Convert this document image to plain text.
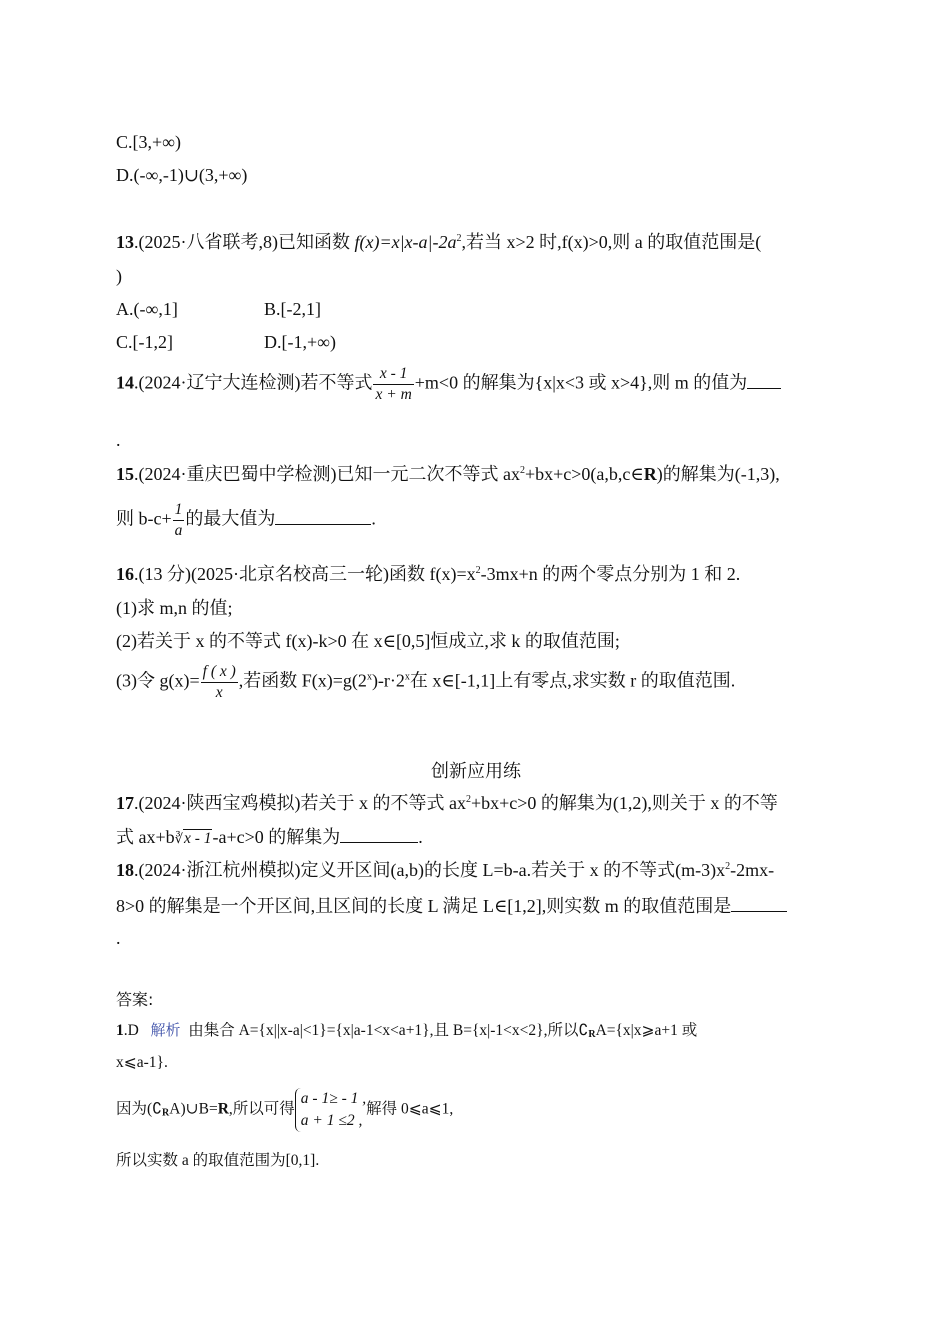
C.[3,+∞)
D.(-∞,-1)∪(3,+∞)
13.(2025·八省联考,8)已知函数 $f(x)=x|x-a|-2a^2$,若当 x>2 时,f(x)>0,则 a 的取值范围是(
)
A.(-∞,1]	B.[-2,1]
C.[-1,2]	D.[-1,+∞)
14.(2024·辽宁大连检测)若不等式 $\frac{x - 1}{x + m} +m<0$ 的解集为{x|x<3 或 x>4},则 m 的值为
.
15.(2024·重庆巴蜀中学检测)已知一元二次不等式 $ax^2+bx+c>0(a,b,c\in R)$的解集为(-1,3),
则 $b-c+ \frac{1}{a}$ 的最大值为	.
16.(13 分)(2025·北京名校高三一轮)函数 $f(x)=x^2-3mx+n$ 的两个零点分别为 1 和 2.
(1)求 m,n 的值;
(2)若关于 x 的不等式 f(x)-k>0 在 x∈[0,5]恒成立,求 k 的取值范围;
(3)令 $g(x)= \frac{f ( x )}{x}$ ,若函数 $F(x)=g(2^x)-r\cdot 2^x$在 x∈[-1,1]上有零点,求实数 r 的取值范围.
创新应用练
17.(2024·陕西宝鸡模拟)若关于 x 的不等式 $ax^2+bx+c>0$ 的解集为(1,2),则关于 x 的不等
式 ax+b∛x - 1-a+c>0 的解集为	.
18.(2024·浙江杭州模拟)定义开区间(a,b)的长度 L=b-a.若关于 x 的不等式$(m-3)x^2-2mx-$
8>0 的解集是一个开区间,且区间的长度 L 满足 L∈[1,2],则实数 m 的取值范围是
.
答案:
1.D 解析 由集合 A={x||x-a|<1}={x|a-1<x<a+1},且 B={x|-1<x<2},所以$∁_RA=\{x|x⩾a+1$ 或
x⩽a-1}.
因为$(∁_RA)\cup B=R$,所以可得
a - 1≥ - 1 ,
a + 1 ≤2 ,
解得 0⩽a⩽1,
所以实数 a 的取值范围为[0,1].
